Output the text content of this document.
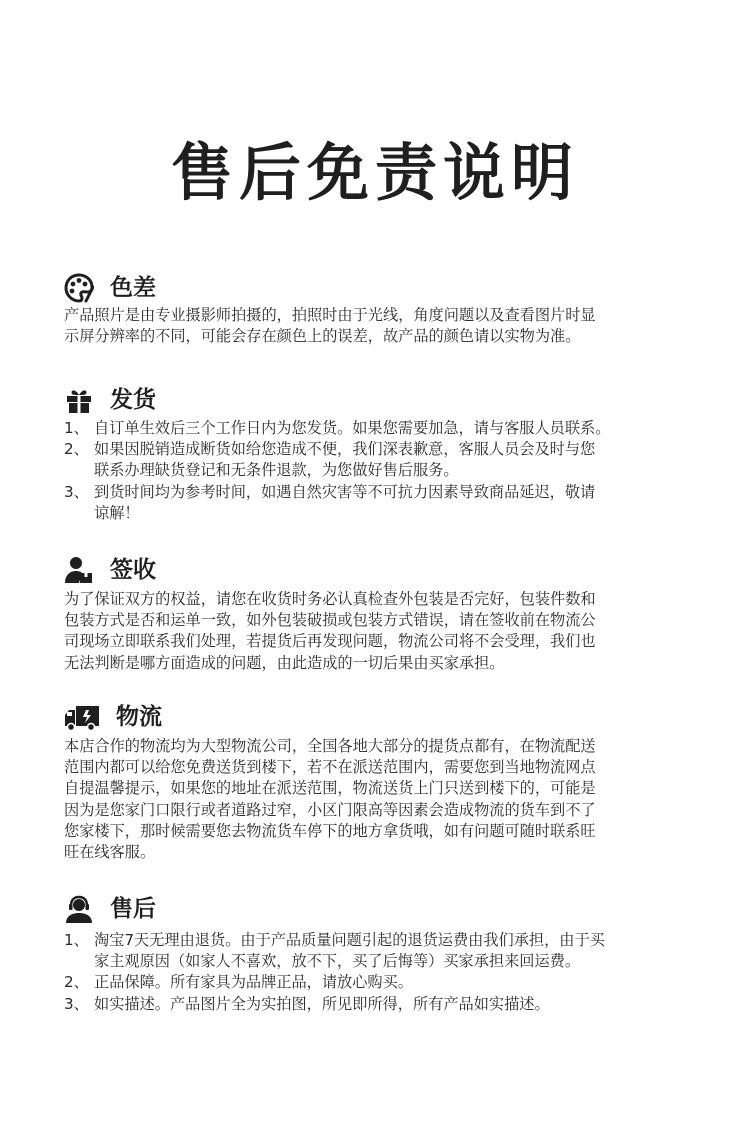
售后免责说明
色差
产品照片是由专业摄影师拍摄的，拍照时由于光线，角度问题以及查看图片时显
示屏分辨率的不同，可能会存在颜色上的误差，故产品的颜色请以实物为准。
发货
1、 自订单生效后三个工作日内为您发货。如果您需要加急，请与客服人员联系。
2、 如果因脱销造成断货如给您造成不便，我们深表歉意，客服人员会及时与您
联系办理缺货登记和无条件退款，为您做好售后服务。
3、 到货时间均为参考时间，如遇自然灾害等不可抗力因素导致商品延迟，敬请
谅解！
签收
为了保证双方的权益，请您在收货时务必认真检查外包装是否完好，包装件数和
包装方式是否和运单一致，如外包装破损或包装方式错误，请在签收前在物流公
司现场立即联系我们处理，若提货后再发现问题，物流公司将不会受理，我们也
无法判断是哪方面造成的问题，由此造成的一切后果由买家承担。
物流
本店合作的物流均为大型物流公司，全国各地大部分的提货点都有，在物流配送
范围内都可以给您免费送货到楼下，若不在派送范围内，需要您到当地物流网点
自提温馨提示，如果您的地址在派送范围，物流送货上门只送到楼下的，可能是
因为是您家门口限行或者道路过窄，小区门限高等因素会造成物流的货车到不了
您家楼下，那时候需要您去物流货车停下的地方拿货哦，如有问题可随时联系旺
旺在线客服。
售后
1、 淘宝7天无理由退货。由于产品质量问题引起的退货运费由我们承担，由于买
家主观原因（如家人不喜欢，放不下，买了后悔等）买家承担来回运费。
2、 正品保障。所有家具为品牌正品，请放心购买。
3、 如实描述。产品图片全为实拍图，所见即所得，所有产品如实描述。
